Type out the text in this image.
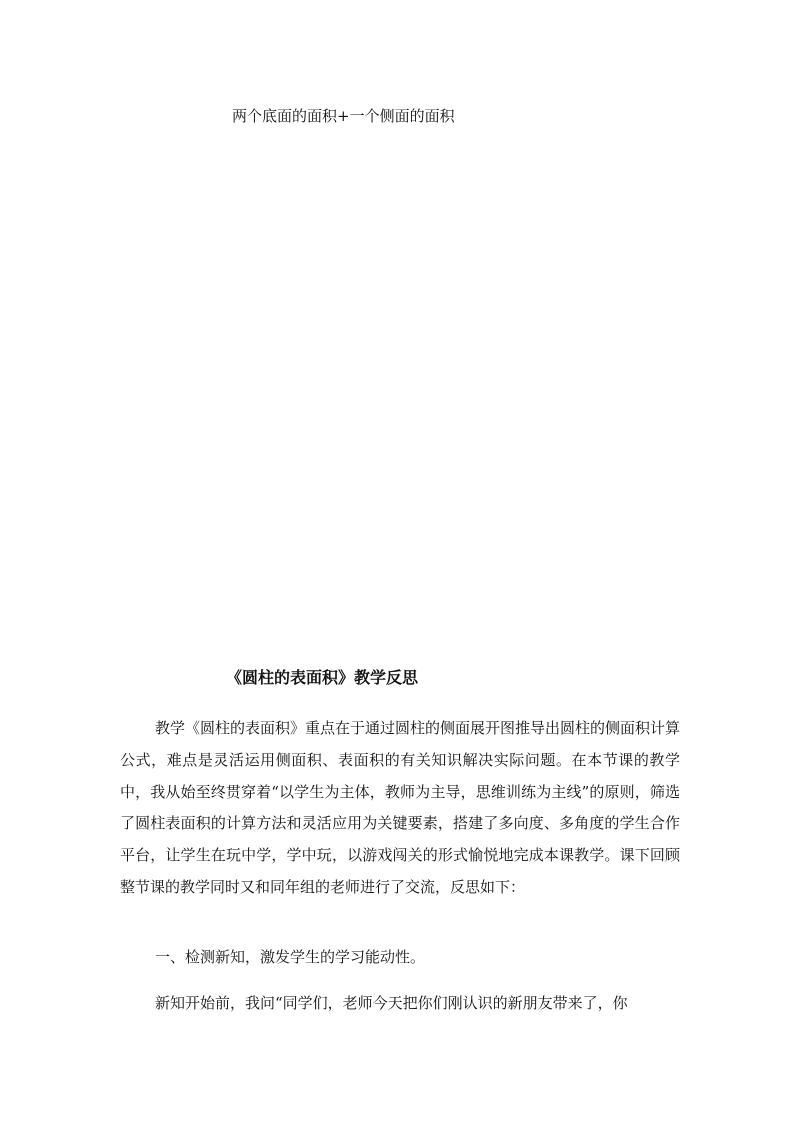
两个底面的面积+一个侧面的面积
《圆柱的表面积》教学反思

教学《圆柱的表面积》重点在于通过圆柱的侧面展开图推导出圆柱的侧面积计算公式，难点是灵活运用侧面积、表面积的有关知识解决实际问题。在本节课的教学中，我从始至终贯穿着“以学生为主体，教师为主导，思维训练为主线”的原则，筛选了圆柱表面积的计算方法和灵活应用为关键要素，搭建了多向度、多角度的学生合作平台，让学生在玩中学，学中玩，以游戏闯关的形式愉悦地完成本课教学。课下回顾整节课的教学同时又和同年组的老师进行了交流，反思如下：

一、检测新知，激发学生的学习能动性。

新知开始前，我问“同学们，老师今天把你们刚认识的新朋友带来了，你
